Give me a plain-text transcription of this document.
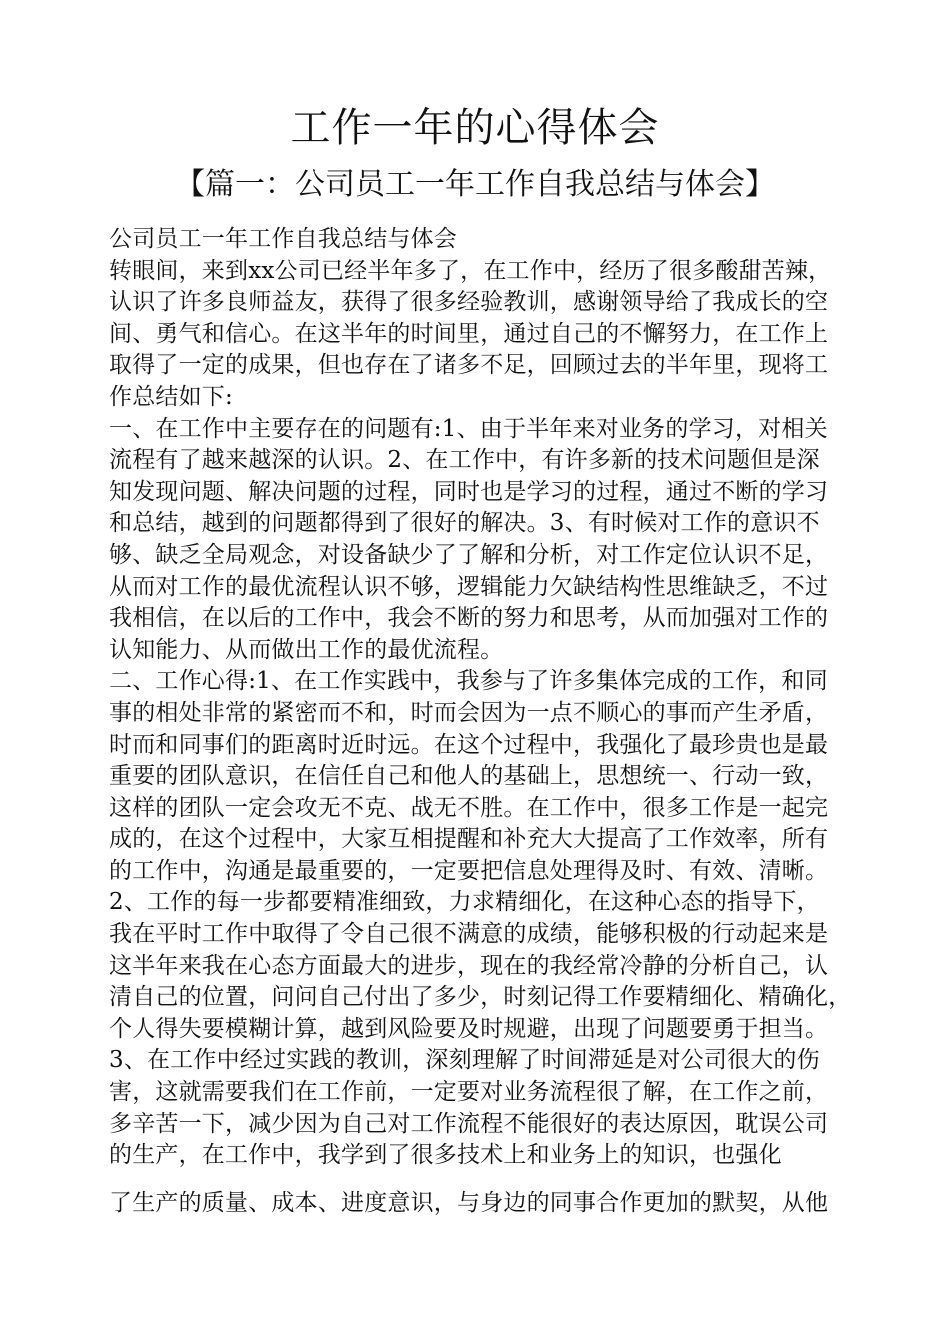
工作一年的心得体会
【篇一：公司员工一年工作自我总结与体会】
公司员工一年工作自我总结与体会
转眼间，来到xx公司已经半年多了，在工作中，经历了很多酸甜苦辣，
认识了许多良师益友，获得了很多经验教训，感谢领导给了我成长的空
间、勇气和信心。在这半年的时间里，通过自己的不懈努力，在工作上
取得了一定的成果，但也存在了诸多不足，回顾过去的半年里，现将工
作总结如下:
一、在工作中主要存在的问题有:1、由于半年来对业务的学习，对相关
流程有了越来越深的认识。2、在工作中，有许多新的技术问题但是深
知发现问题、解决问题的过程，同时也是学习的过程，通过不断的学习
和总结，越到的问题都得到了很好的解决。3、有时候对工作的意识不
够、缺乏全局观念，对设备缺少了了解和分析，对工作定位认识不足，
从而对工作的最优流程认识不够，逻辑能力欠缺结构性思维缺乏，不过
我相信，在以后的工作中，我会不断的努力和思考，从而加强对工作的
认知能力、从而做出工作的最优流程。
二、工作心得:1、在工作实践中，我参与了许多集体完成的工作，和同
事的相处非常的紧密而不和，时而会因为一点不顺心的事而产生矛盾，
时而和同事们的距离时近时远。在这个过程中，我强化了最珍贵也是最
重要的团队意识，在信任自己和他人的基础上，思想统一、行动一致，
这样的团队一定会攻无不克、战无不胜。在工作中，很多工作是一起完
成的，在这个过程中，大家互相提醒和补充大大提高了工作效率，所有
的工作中，沟通是最重要的，一定要把信息处理得及时、有效、清晰。
2、工作的每一步都要精准细致，力求精细化，在这种心态的指导下，
我在平时工作中取得了令自己很不满意的成绩，能够积极的行动起来是
这半年来我在心态方面最大的进步，现在的我经常冷静的分析自己，认
清自己的位置，问问自己付出了多少，时刻记得工作要精细化、精确化，
个人得失要模糊计算，越到风险要及时规避，出现了问题要勇于担当。
3、在工作中经过实践的教训，深刻理解了时间滞延是对公司很大的伤
害，这就需要我们在工作前，一定要对业务流程很了解，在工作之前，
多辛苦一下，减少因为自己对工作流程不能很好的表达原因，耽误公司
的生产，在工作中，我学到了很多技术上和业务上的知识，也强化
了生产的质量、成本、进度意识，与身边的同事合作更加的默契，从他
